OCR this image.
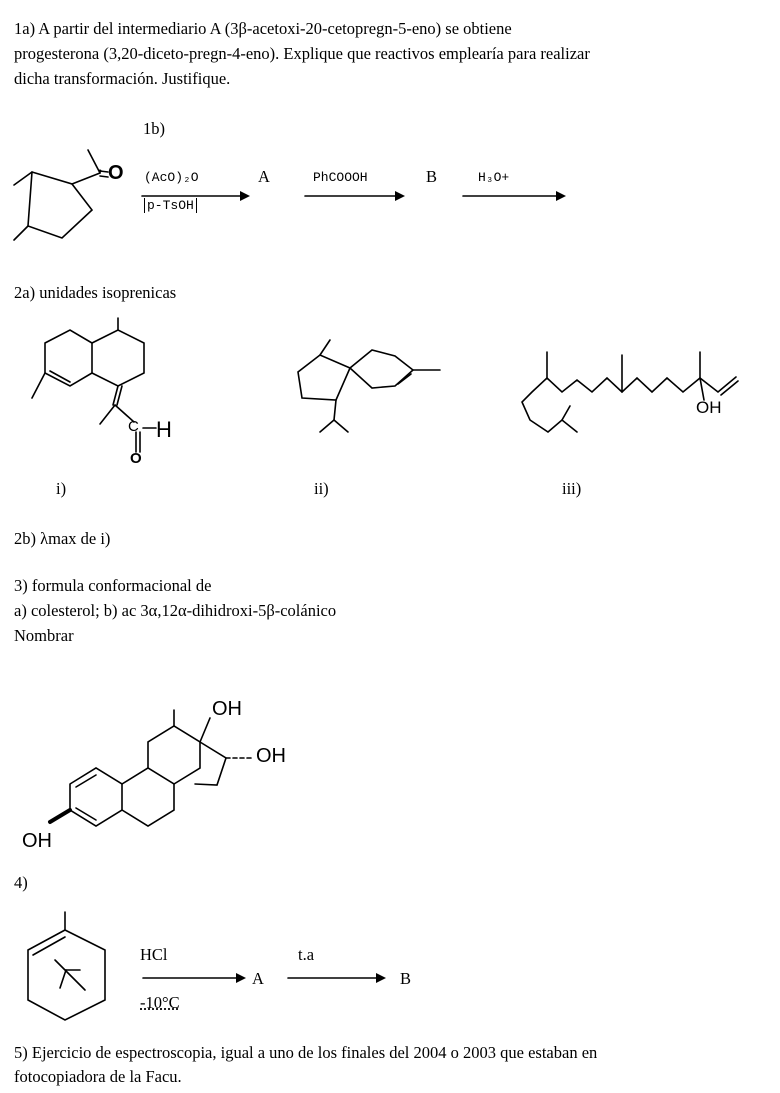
1a) A partir del intermediario A (3β-acetoxi-20-cetopregn-5-eno) se obtiene
progesterona (3,20-diceto-pregn-4-eno). Explique que reactivos emplearía para realizar
dicha transformación. Justifique.
1b)
O (AcO)₂O
p-TsOH
A	PhCOOOH	B	H₃O+
2a) unidades isoprenicas
C H
O
OH
i)	ii)	iii)
2b) λmax de i)
3) formula conformacional de
a) colesterol; b) ac 3α,12α-dihidroxi-5β-colánico
Nombrar
OH
OH
OH
4)
HCl
-10°C
A
t.a
B
5) Ejercicio de espectroscopia, igual a uno de los finales del 2004 o 2003 que estaban en
fotocopiadora de la Facu.
